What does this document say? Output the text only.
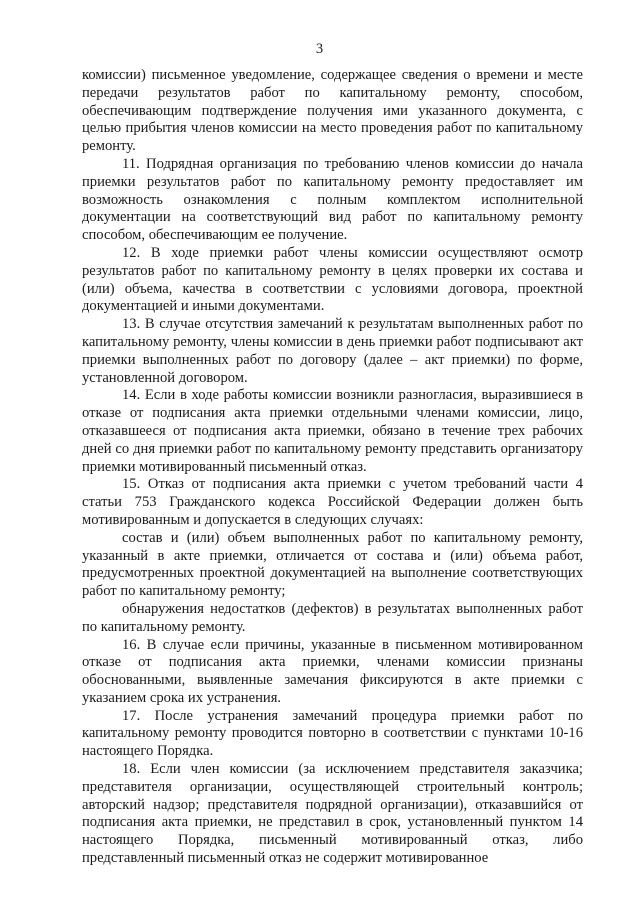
3

комиссии) письменное уведомление, содержащее сведения о времени и месте передачи результатов работ по капитальному ремонту, способом, обеспечивающим подтверждение получения ими указанного документа, с целью прибытия членов комиссии на место проведения работ по капитальному ремонту.

11. Подрядная организация по требованию членов комиссии до начала приемки результатов работ по капитальному ремонту предоставляет им возможность ознакомления с полным комплектом исполнительной документации на соответствующий вид работ по капитальному ремонту способом, обеспечивающим ее получение.

12. В ходе приемки работ члены комиссии осуществляют осмотр результатов работ по капитальному ремонту в целях проверки их состава и (или) объема, качества в соответствии с условиями договора, проектной документацией и иными документами.

13. В случае отсутствия замечаний к результатам выполненных работ по капитальному ремонту, члены комиссии в день приемки работ подписывают акт приемки выполненных работ по договору (далее – акт приемки) по форме, установленной договором.

14. Если в ходе работы комиссии возникли разногласия, выразившиеся в отказе от подписания акта приемки отдельными членами комиссии, лицо, отказавшееся от подписания акта приемки, обязано в течение трех рабочих дней со дня приемки работ по капитальному ремонту представить организатору приемки мотивированный письменный отказ.

15. Отказ от подписания акта приемки с учетом требований части 4 статьи 753 Гражданского кодекса Российской Федерации должен быть мотивированным и допускается в следующих случаях:

состав и (или) объем выполненных работ по капитальному ремонту, указанный в акте приемки, отличается от состава и (или) объема работ, предусмотренных проектной документацией на выполнение соответствующих работ по капитальному ремонту;

обнаружения недостатков (дефектов) в результатах выполненных работ по капитальному ремонту.

16. В случае если причины, указанные в письменном мотивированном отказе от подписания акта приемки, членами комиссии признаны обоснованными, выявленные замечания фиксируются в акте приемки с указанием срока их устранения.

17. После устранения замечаний процедура приемки работ по капитальному ремонту проводится повторно в соответствии с пунктами 10-16 настоящего Порядка.

18. Если член комиссии (за исключением представителя заказчика; представителя организации, осуществляющей строительный контроль; авторский надзор; представителя подрядной организации), отказавшийся от подписания акта приемки, не представил в срок, установленный пунктом 14 настоящего Порядка, письменный мотивированный отказ, либо представленный письменный отказ не содержит мотивированное
